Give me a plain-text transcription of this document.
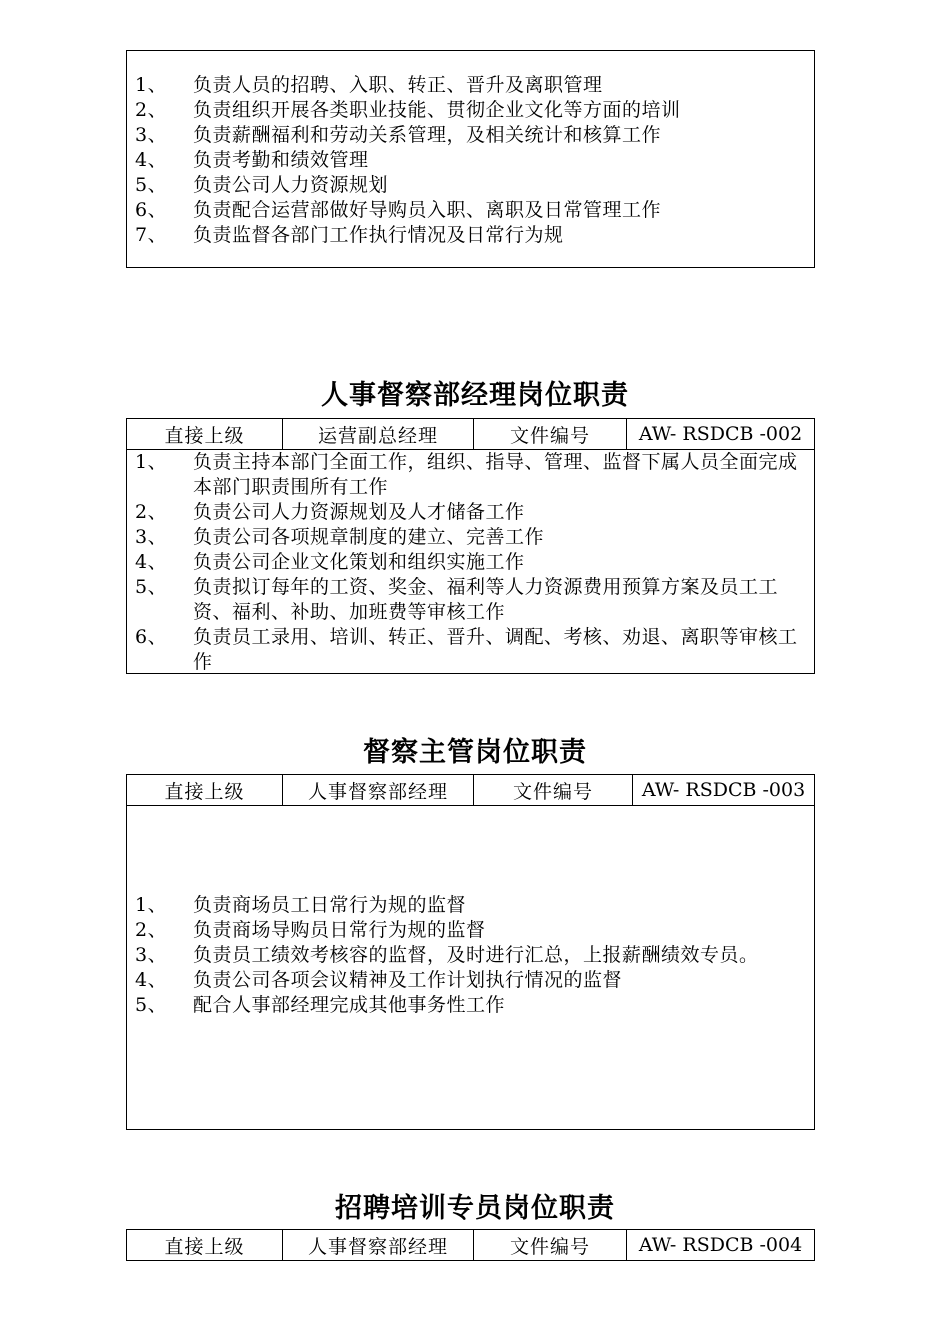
1、	负责人员的招聘、入职、转正、晋升及离职管理
2、	负责组织开展各类职业技能、贯彻企业文化等方面的培训
3、	负责薪酬福利和劳动关系管理，及相关统计和核算工作
4、	负责考勤和绩效管理
5、	负责公司人力资源规划
6、	负责配合运营部做好导购员入职、离职及日常管理工作
7、	负责监督各部门工作执行情况及日常行为规
人事督察部经理岗位职责
直接上级	运营副总经理	文件编号	AW- RSDCB -002
1、	负责主持本部门全面工作，组织、指导、管理、监督下属人员全面完成本部门职责围所有工作
2、	负责公司人力资源规划及人才储备工作
3、	负责公司各项规章制度的建立、完善工作
4、	负责公司企业文化策划和组织实施工作
5、	负责拟订每年的工资、奖金、福利等人力资源费用预算方案及员工工资、福利、补助、加班费等审核工作
6、	负责员工录用、培训、转正、晋升、调配、考核、劝退、离职等审核工作
督察主管岗位职责
直接上级	人事督察部经理	文件编号	AW- RSDCB -003
1、	负责商场员工日常行为规的监督
2、	负责商场导购员日常行为规的监督
3、	负责员工绩效考核容的监督，及时进行汇总，上报薪酬绩效专员。
4、	负责公司各项会议精神及工作计划执行情况的监督
5、	配合人事部经理完成其他事务性工作
招聘培训专员岗位职责
直接上级	人事督察部经理	文件编号	AW- RSDCB -004
